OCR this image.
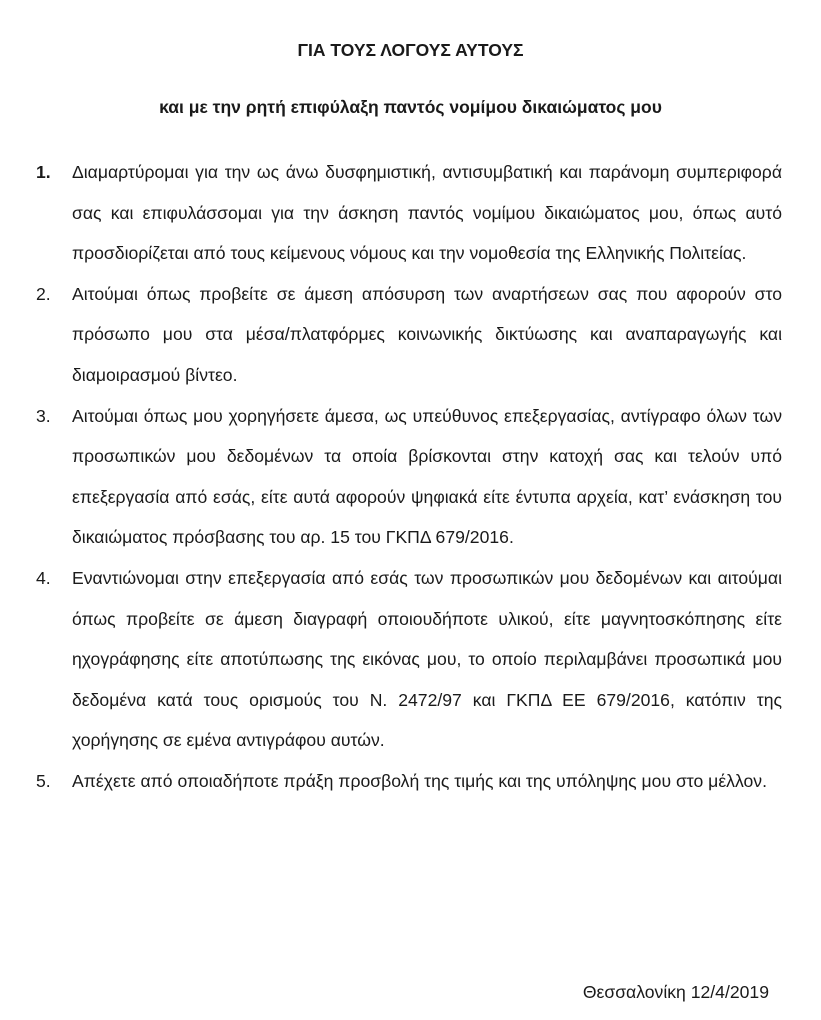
ΓΙΑ ΤΟΥΣ ΛΟΓΟΥΣ ΑΥΤΟΥΣ
και με την ρητή επιφύλαξη παντός νομίμου δικαιώματος μου
1. Διαμαρτύρομαι για την ως άνω δυσφημιστική, αντισυμβατική και παράνομη συμπεριφορά σας και επιφυλάσσομαι για την άσκηση παντός νομίμου δικαιώματος μου, όπως αυτό προσδιορίζεται από τους κείμενους νόμους και την νομοθεσία της Ελληνικής Πολιτείας.
2. Αιτούμαι όπως προβείτε σε άμεση απόσυρση των αναρτήσεων σας που αφορούν στο πρόσωπο μου στα μέσα/πλατφόρμες κοινωνικής δικτύωσης και αναπαραγωγής και διαμοιρασμού βίντεο.
3. Αιτούμαι όπως μου χορηγήσετε άμεσα, ως υπεύθυνος επεξεργασίας, αντίγραφο όλων των προσωπικών μου δεδομένων τα οποία βρίσκονται στην κατοχή σας και τελούν υπό επεξεργασία από εσάς, είτε αυτά αφορούν ψηφιακά είτε έντυπα αρχεία, κατ’ ενάσκηση του δικαιώματος πρόσβασης του αρ. 15 του ΓΚΠΔ 679/2016.
4. Εναντιώνομαι στην επεξεργασία από εσάς των προσωπικών μου δεδομένων και αιτούμαι όπως προβείτε σε άμεση διαγραφή οποιουδήποτε υλικού, είτε μαγνητοσκόπησης είτε ηχογράφησης είτε αποτύπωσης της εικόνας μου, το οποίο περιλαμβάνει προσωπικά μου δεδομένα κατά τους ορισμούς του Ν. 2472/97 και ΓΚΠΔ ΕΕ 679/2016, κατόπιν της χορήγησης σε εμένα αντιγράφου αυτών.
5. Απέχετε από οποιαδήποτε πράξη προσβολή της τιμής και της υπόληψης μου στο μέλλον.
Θεσσαλονίκη 12/4/2019
